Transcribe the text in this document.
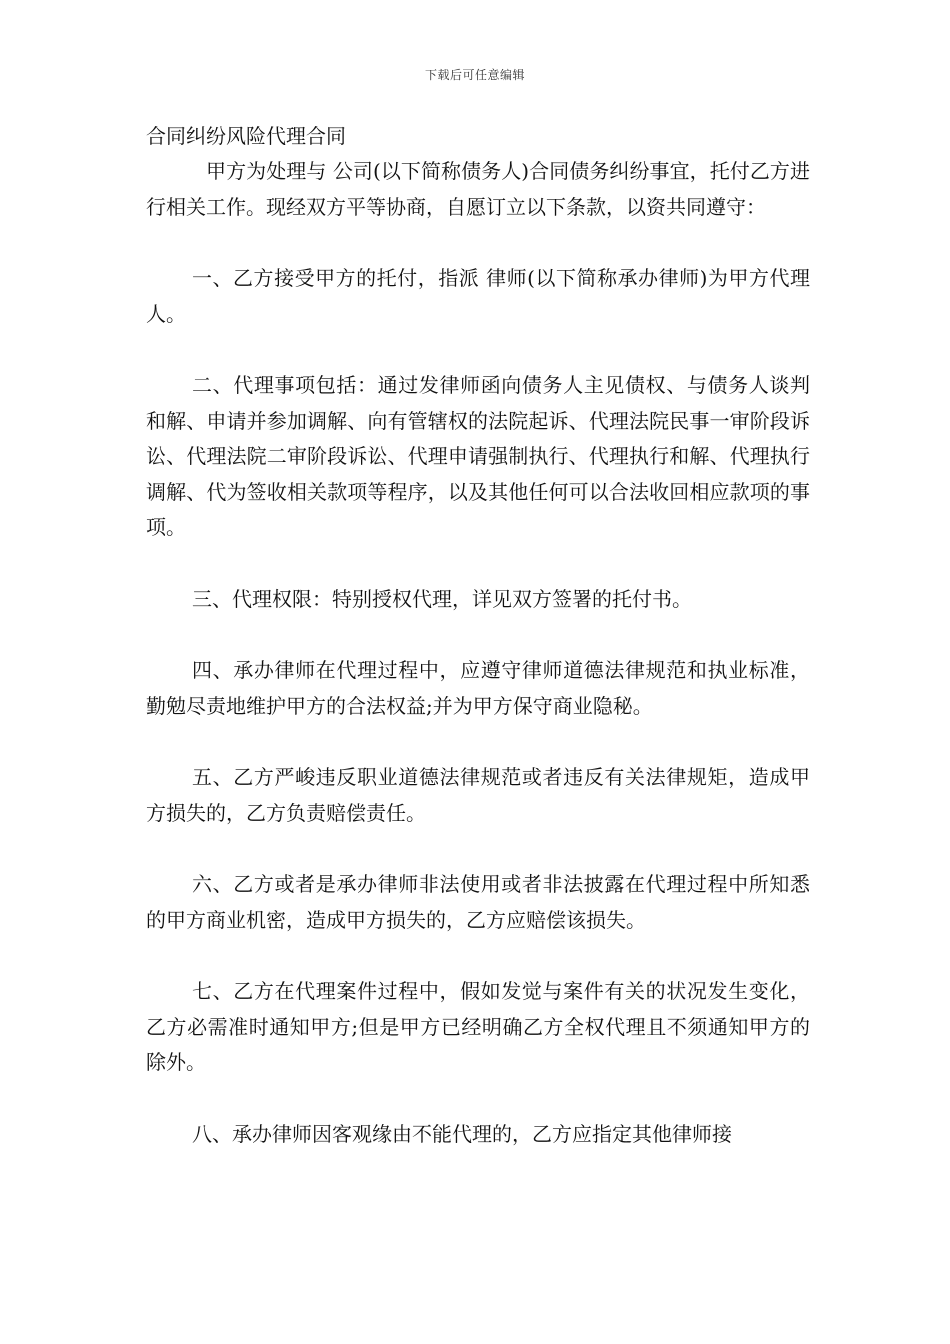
下载后可任意编辑

合同纠纷风险代理合同

甲方为处理与 公司(以下简称债务人)合同债务纠纷事宜，托付乙方进行相关工作。现经双方平等协商，自愿订立以下条款，以资共同遵守：

一、乙方接受甲方的托付，指派 律师(以下简称承办律师)为甲方代理人。

二、代理事项包括：通过发律师函向债务人主见债权、与债务人谈判和解、申请并参加调解、向有管辖权的法院起诉、代理法院民事一审阶段诉讼、代理法院二审阶段诉讼、代理申请强制执行、代理执行和解、代理执行调解、代为签收相关款项等程序，以及其他任何可以合法收回相应款项的事项。

三、代理权限：特别授权代理，详见双方签署的托付书。

四、承办律师在代理过程中，应遵守律师道德法律规范和执业标准，勤勉尽责地维护甲方的合法权益;并为甲方保守商业隐秘。

五、乙方严峻违反职业道德法律规范或者违反有关法律规矩，造成甲方损失的，乙方负责赔偿责任。

六、乙方或者是承办律师非法使用或者非法披露在代理过程中所知悉的甲方商业机密，造成甲方损失的，乙方应赔偿该损失。

七、乙方在代理案件过程中，假如发觉与案件有关的状况发生变化，乙方必需准时通知甲方;但是甲方已经明确乙方全权代理且不须通知甲方的除外。

八、承办律师因客观缘由不能代理的，乙方应指定其他律师接
